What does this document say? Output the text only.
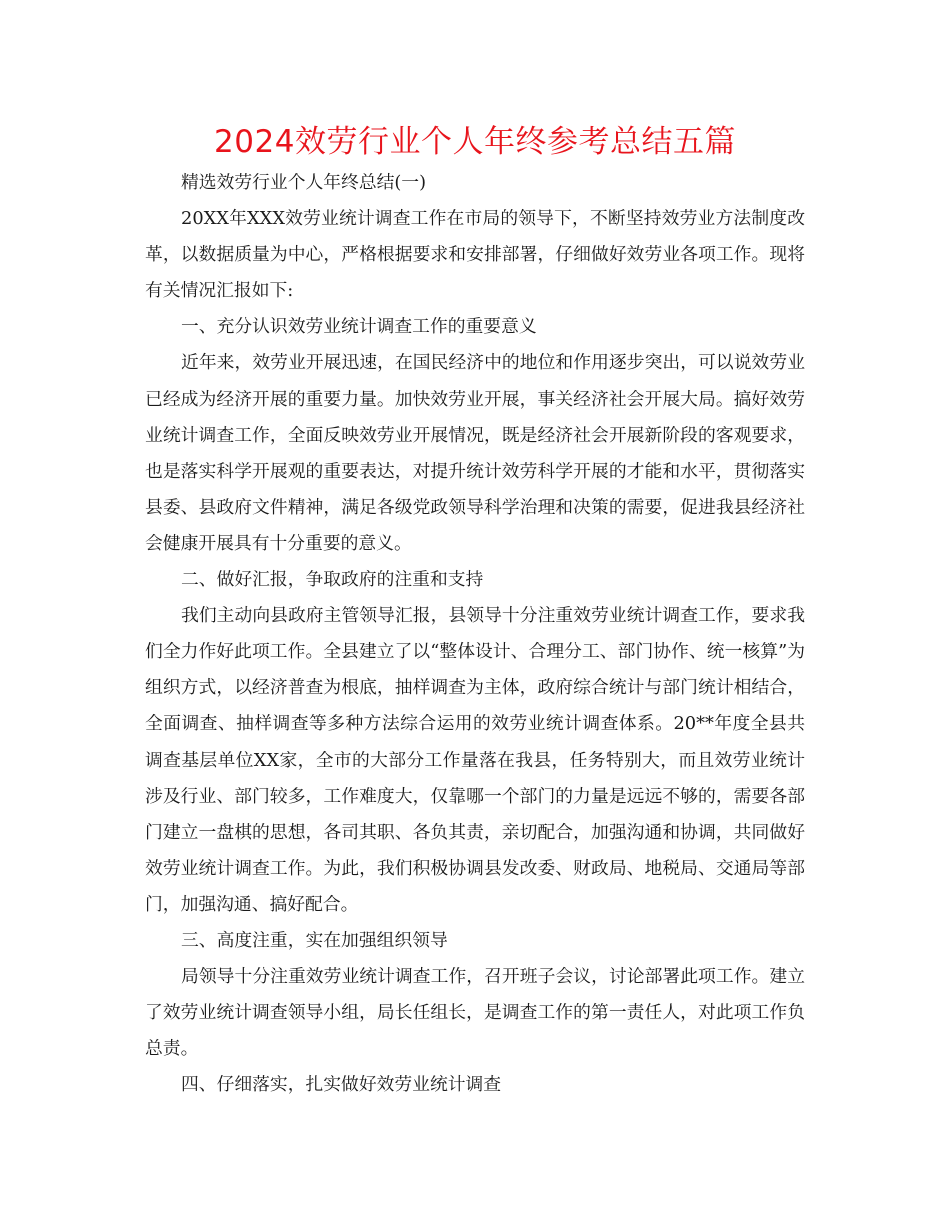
2024效劳行业个人年终参考总结五篇

精选效劳行业个人年终总结(一)

20XX年XXX效劳业统计调查工作在市局的领导下，不断坚持效劳业方法制度改革，以数据质量为中心，严格根据要求和安排部署，仔细做好效劳业各项工作。现将有关情况汇报如下:

一、充分认识效劳业统计调查工作的重要意义

近年来，效劳业开展迅速，在国民经济中的地位和作用逐步突出，可以说效劳业已经成为经济开展的重要力量。加快效劳业开展，事关经济社会开展大局。搞好效劳业统计调查工作，全面反映效劳业开展情况，既是经济社会开展新阶段的客观要求，也是落实科学开展观的重要表达，对提升统计效劳科学开展的才能和水平，贯彻落实县委、县政府文件精神，满足各级党政领导科学治理和决策的需要，促进我县经济社会健康开展具有十分重要的意义。

二、做好汇报，争取政府的注重和支持

我们主动向县政府主管领导汇报，县领导十分注重效劳业统计调查工作，要求我们全力作好此项工作。全县建立了以“整体设计、合理分工、部门协作、统一核算”为组织方式，以经济普查为根底，抽样调查为主体，政府综合统计与部门统计相结合，全面调查、抽样调查等多种方法综合运用的效劳业统计调查体系。20**年度全县共调查基层单位XX家，全市的大部分工作量落在我县，任务特别大，而且效劳业统计涉及行业、部门较多，工作难度大，仅靠哪一个部门的力量是远远不够的，需要各部门建立一盘棋的思想，各司其职、各负其责，亲切配合，加强沟通和协调，共同做好效劳业统计调查工作。为此，我们积极协调县发改委、财政局、地税局、交通局等部门，加强沟通、搞好配合。

三、高度注重，实在加强组织领导

局领导十分注重效劳业统计调查工作，召开班子会议，讨论部署此项工作。建立了效劳业统计调查领导小组，局长任组长，是调查工作的第一责任人，对此项工作负总责。

四、仔细落实，扎实做好效劳业统计调查
